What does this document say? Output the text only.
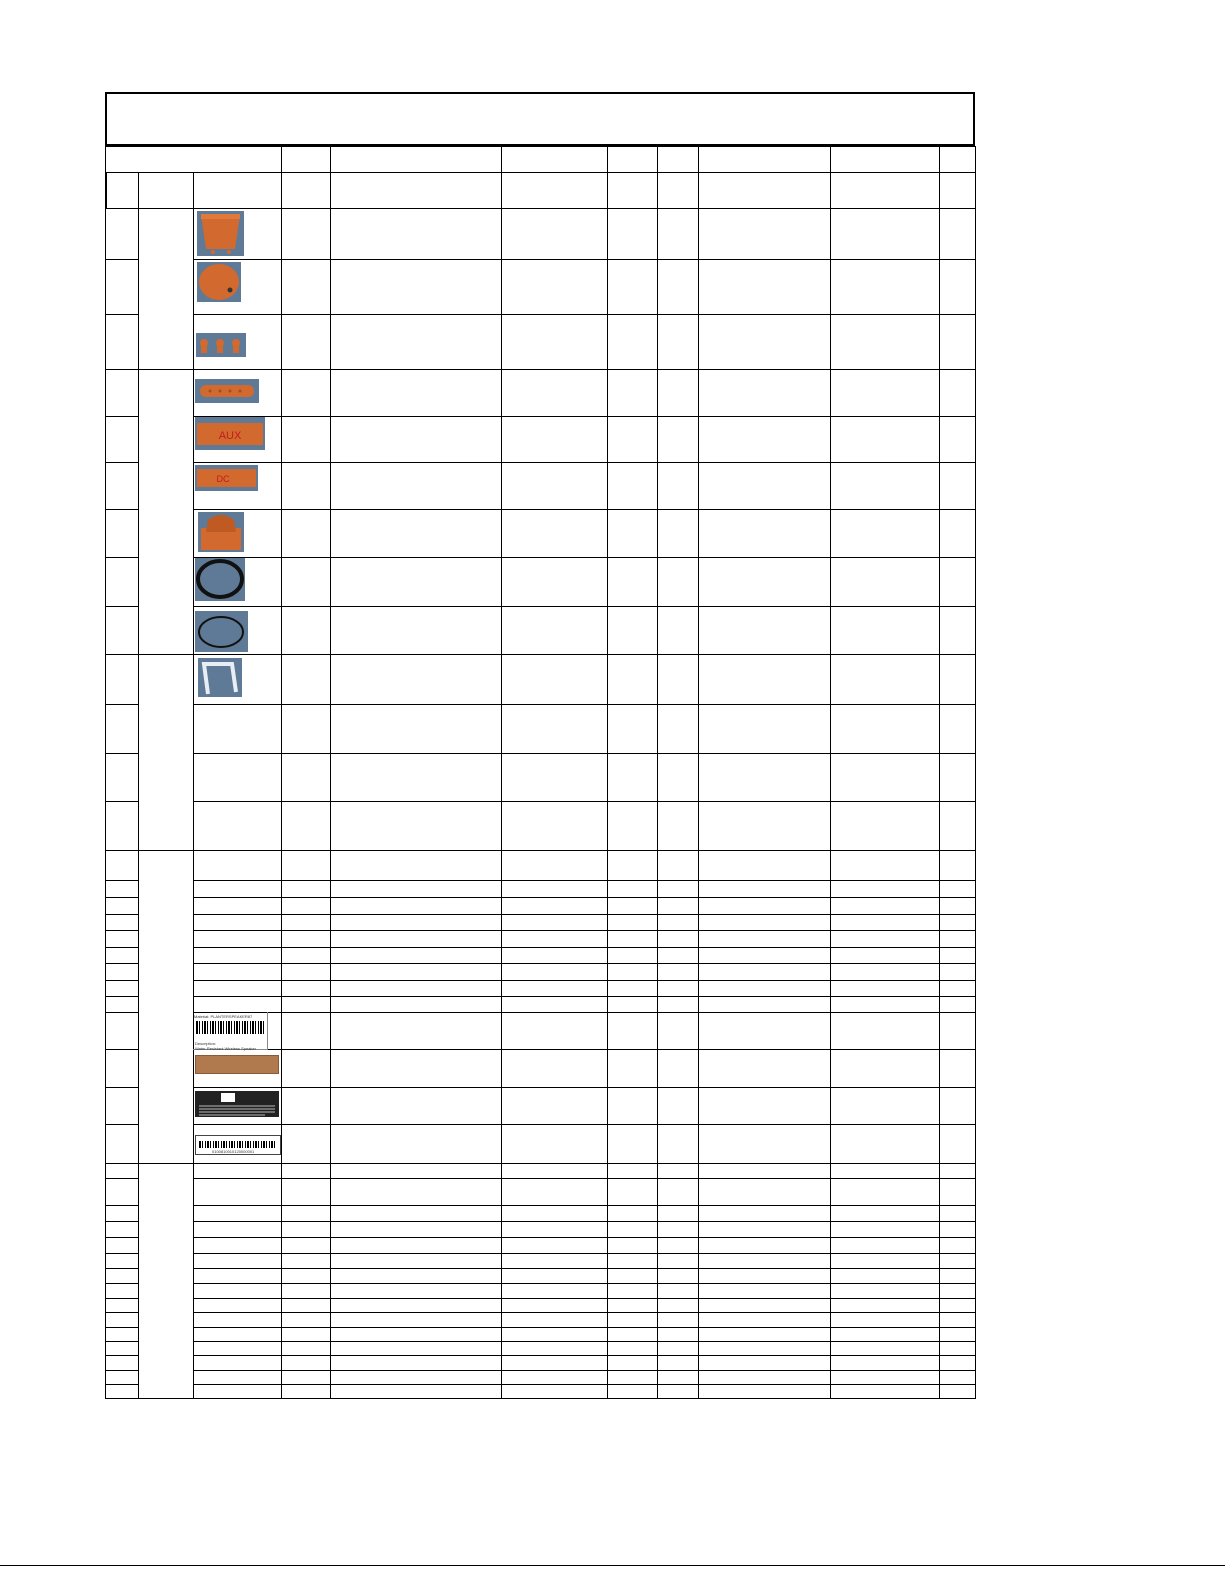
AUX
DC
Material: PLANTERSPEAKER87
Description:
Water-Resistant Wireless Speaker
0100810010120000001
